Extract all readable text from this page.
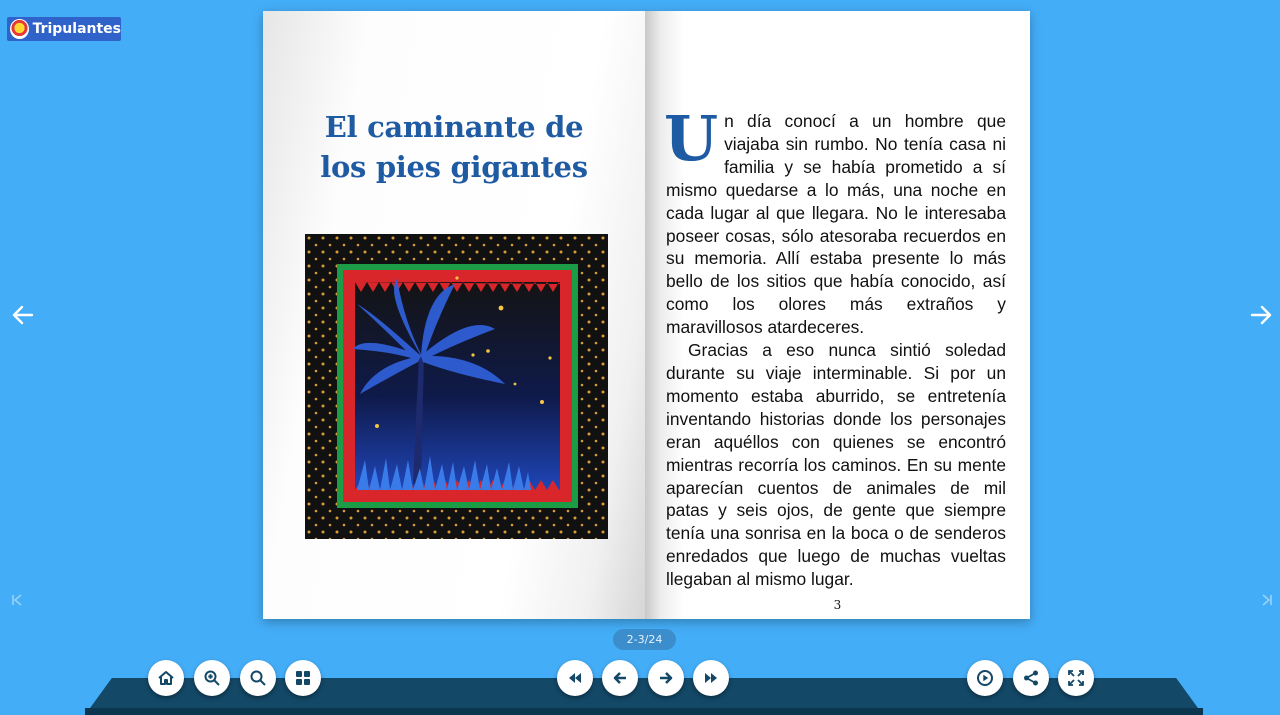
Tripulantes
El caminante de
los pies gigantes	Un día conocí a un hombre que viajaba sin rumbo. No tenía casa ni familia y se había prometido a sí mismo quedarse a lo más, una noche en cada lugar al que llegara. No le interesaba poseer cosas, sólo atesoraba recuerdos en su memoria. Allí estaba presente lo más bello de los sitios que había conocido, así como los olores más extraños y maravillosos atardeceres.

Gracias a eso nunca sintió soledad durante su viaje interminable. Si por un momento estaba aburrido, se entretenía inventando historias donde los personajes eran aquéllos con quienes se encontró mientras recorría los caminos. En su mente aparecían cuentos de animales de mil patas y seis ojos, de gente que siempre tenía una sonrisa en la boca o de senderos enredados que luego de muchas vueltas llegaban al mismo lugar.

3
2-3/24
